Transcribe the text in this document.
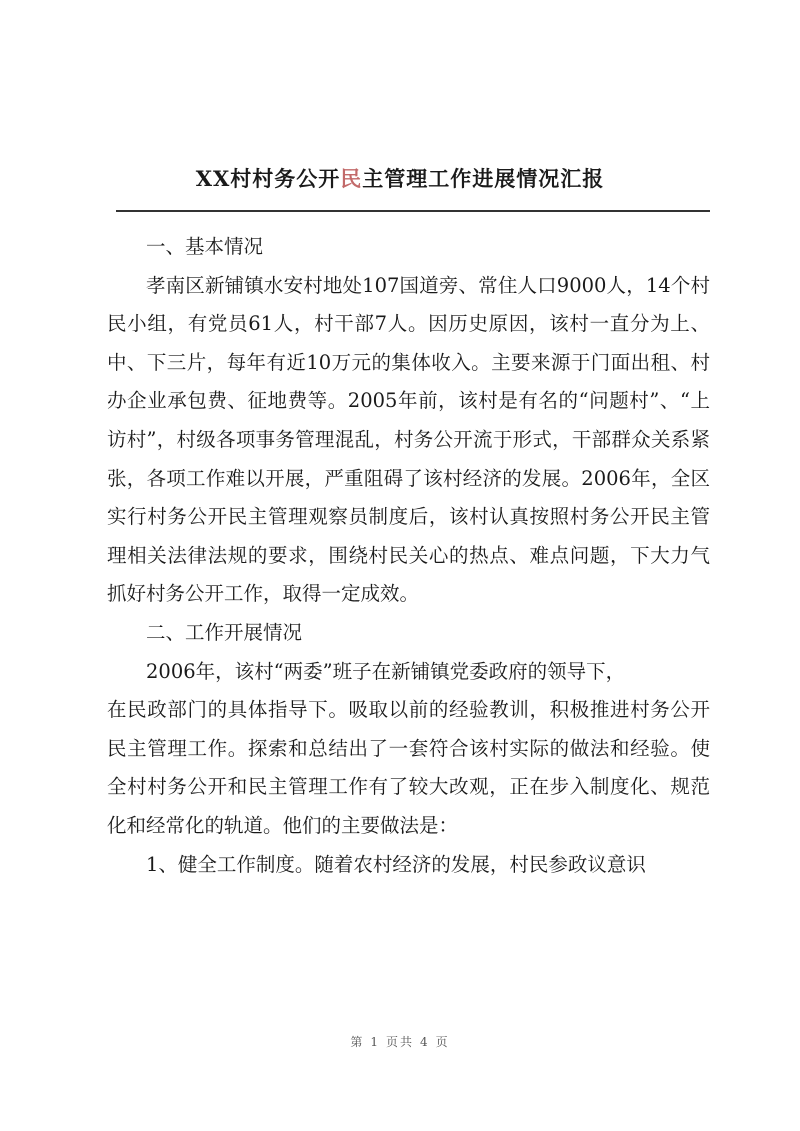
XX村村务公开民主管理工作进展情况汇报

一、基本情况

孝南区新铺镇水安村地处107国道旁、常住人口9000人，14个村民小组，有党员61人，村干部7人。因历史原因，该村一直分为上、中、下三片，每年有近10万元的集体收入。主要来源于门面出租、村办企业承包费、征地费等。2005年前，该村是有名的“问题村”、“上访村”，村级各项事务管理混乱，村务公开流于形式，干部群众关系紧张，各项工作难以开展，严重阻碍了该村经济的发展。2006年，全区实行村务公开民主管理观察员制度后，该村认真按照村务公开民主管理相关法律法规的要求，围绕村民关心的热点、难点问题，下大力气抓好村务公开工作，取得一定成效。

二、工作开展情况

2006年，该村“两委”班子在新铺镇党委政府的领导下，

在民政部门的具体指导下。吸取以前的经验教训，积极推进村务公开民主管理工作。探索和总结出了一套符合该村实际的做法和经验。使全村村务公开和民主管理工作有了较大改观，正在步入制度化、规范化和经常化的轨道。他们的主要做法是：

1、健全工作制度。随着农村经济的发展，村民参政议意识

第 1 页共 4 页
